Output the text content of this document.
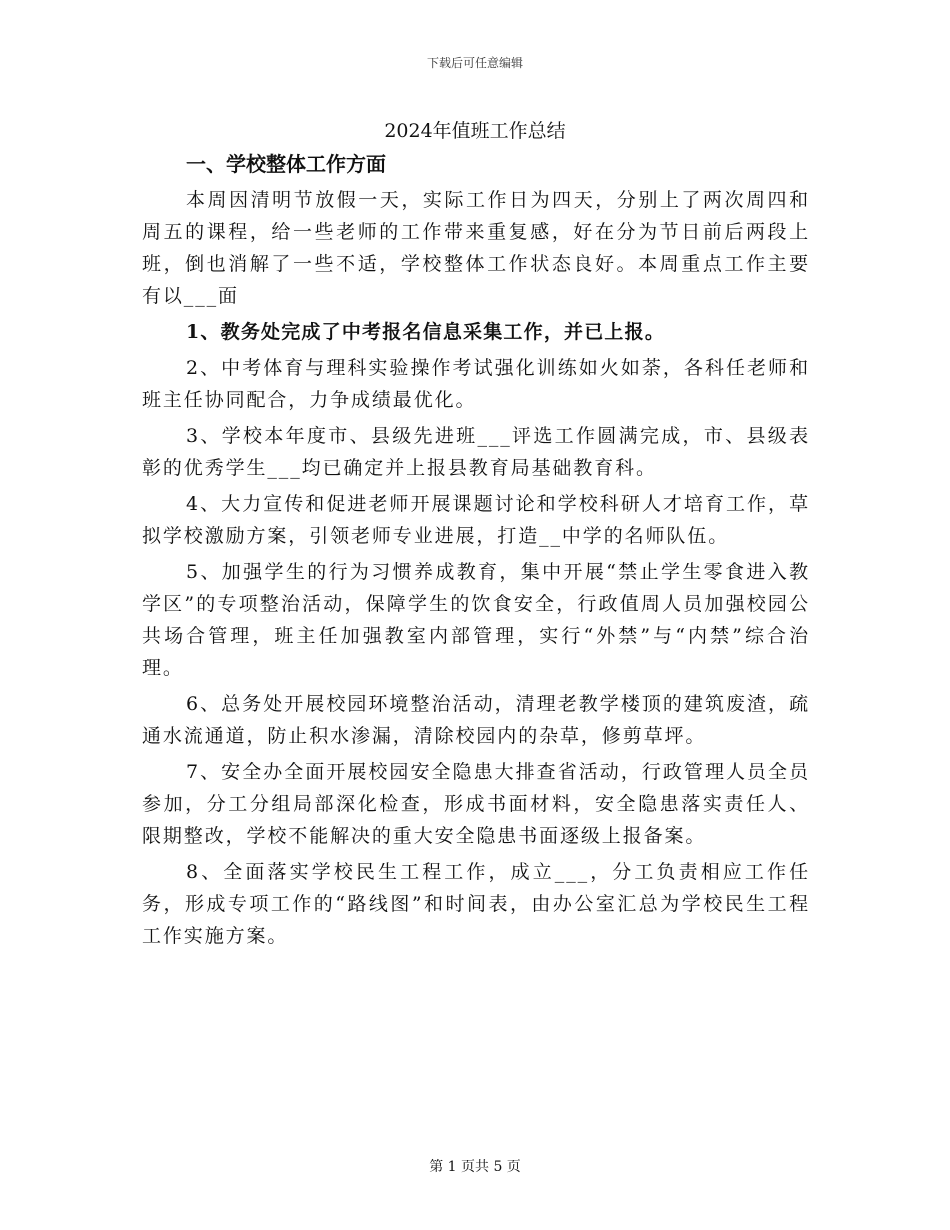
下载后可任意编辑
2024年值班工作总结
一、学校整体工作方面

本周因清明节放假一天，实际工作日为四天，分别上了两次周四和周五的课程，给一些老师的工作带来重复感，好在分为节日前后两段上班，倒也消解了一些不适，学校整体工作状态良好。本周重点工作主要有以___面

1、教务处完成了中考报名信息采集工作，并已上报。

2、中考体育与理科实验操作考试强化训练如火如荼，各科任老师和班主任协同配合，力争成绩最优化。

3、学校本年度市、县级先进班___评选工作圆满完成，市、县级表彰的优秀学生___均已确定并上报县教育局基础教育科。

4、大力宣传和促进老师开展课题讨论和学校科研人才培育工作，草拟学校激励方案，引领老师专业进展，打造__中学的名师队伍。

5、加强学生的行为习惯养成教育，集中开展“禁止学生零食进入教学区”的专项整治活动，保障学生的饮食安全，行政值周人员加强校园公共场合管理，班主任加强教室内部管理，实行“外禁”与“内禁”综合治理。

6、总务处开展校园环境整治活动，清理老教学楼顶的建筑废渣，疏通水流通道，防止积水渗漏，清除校园内的杂草，修剪草坪。

7、安全办全面开展校园安全隐患大排查省活动，行政管理人员全员参加，分工分组局部深化检查，形成书面材料，安全隐患落实责任人、限期整改，学校不能解决的重大安全隐患书面逐级上报备案。

8、全面落实学校民生工程工作，成立___，分工负责相应工作任务，形成专项工作的“路线图”和时间表，由办公室汇总为学校民生工程工作实施方案。

第 1 页共 5 页
